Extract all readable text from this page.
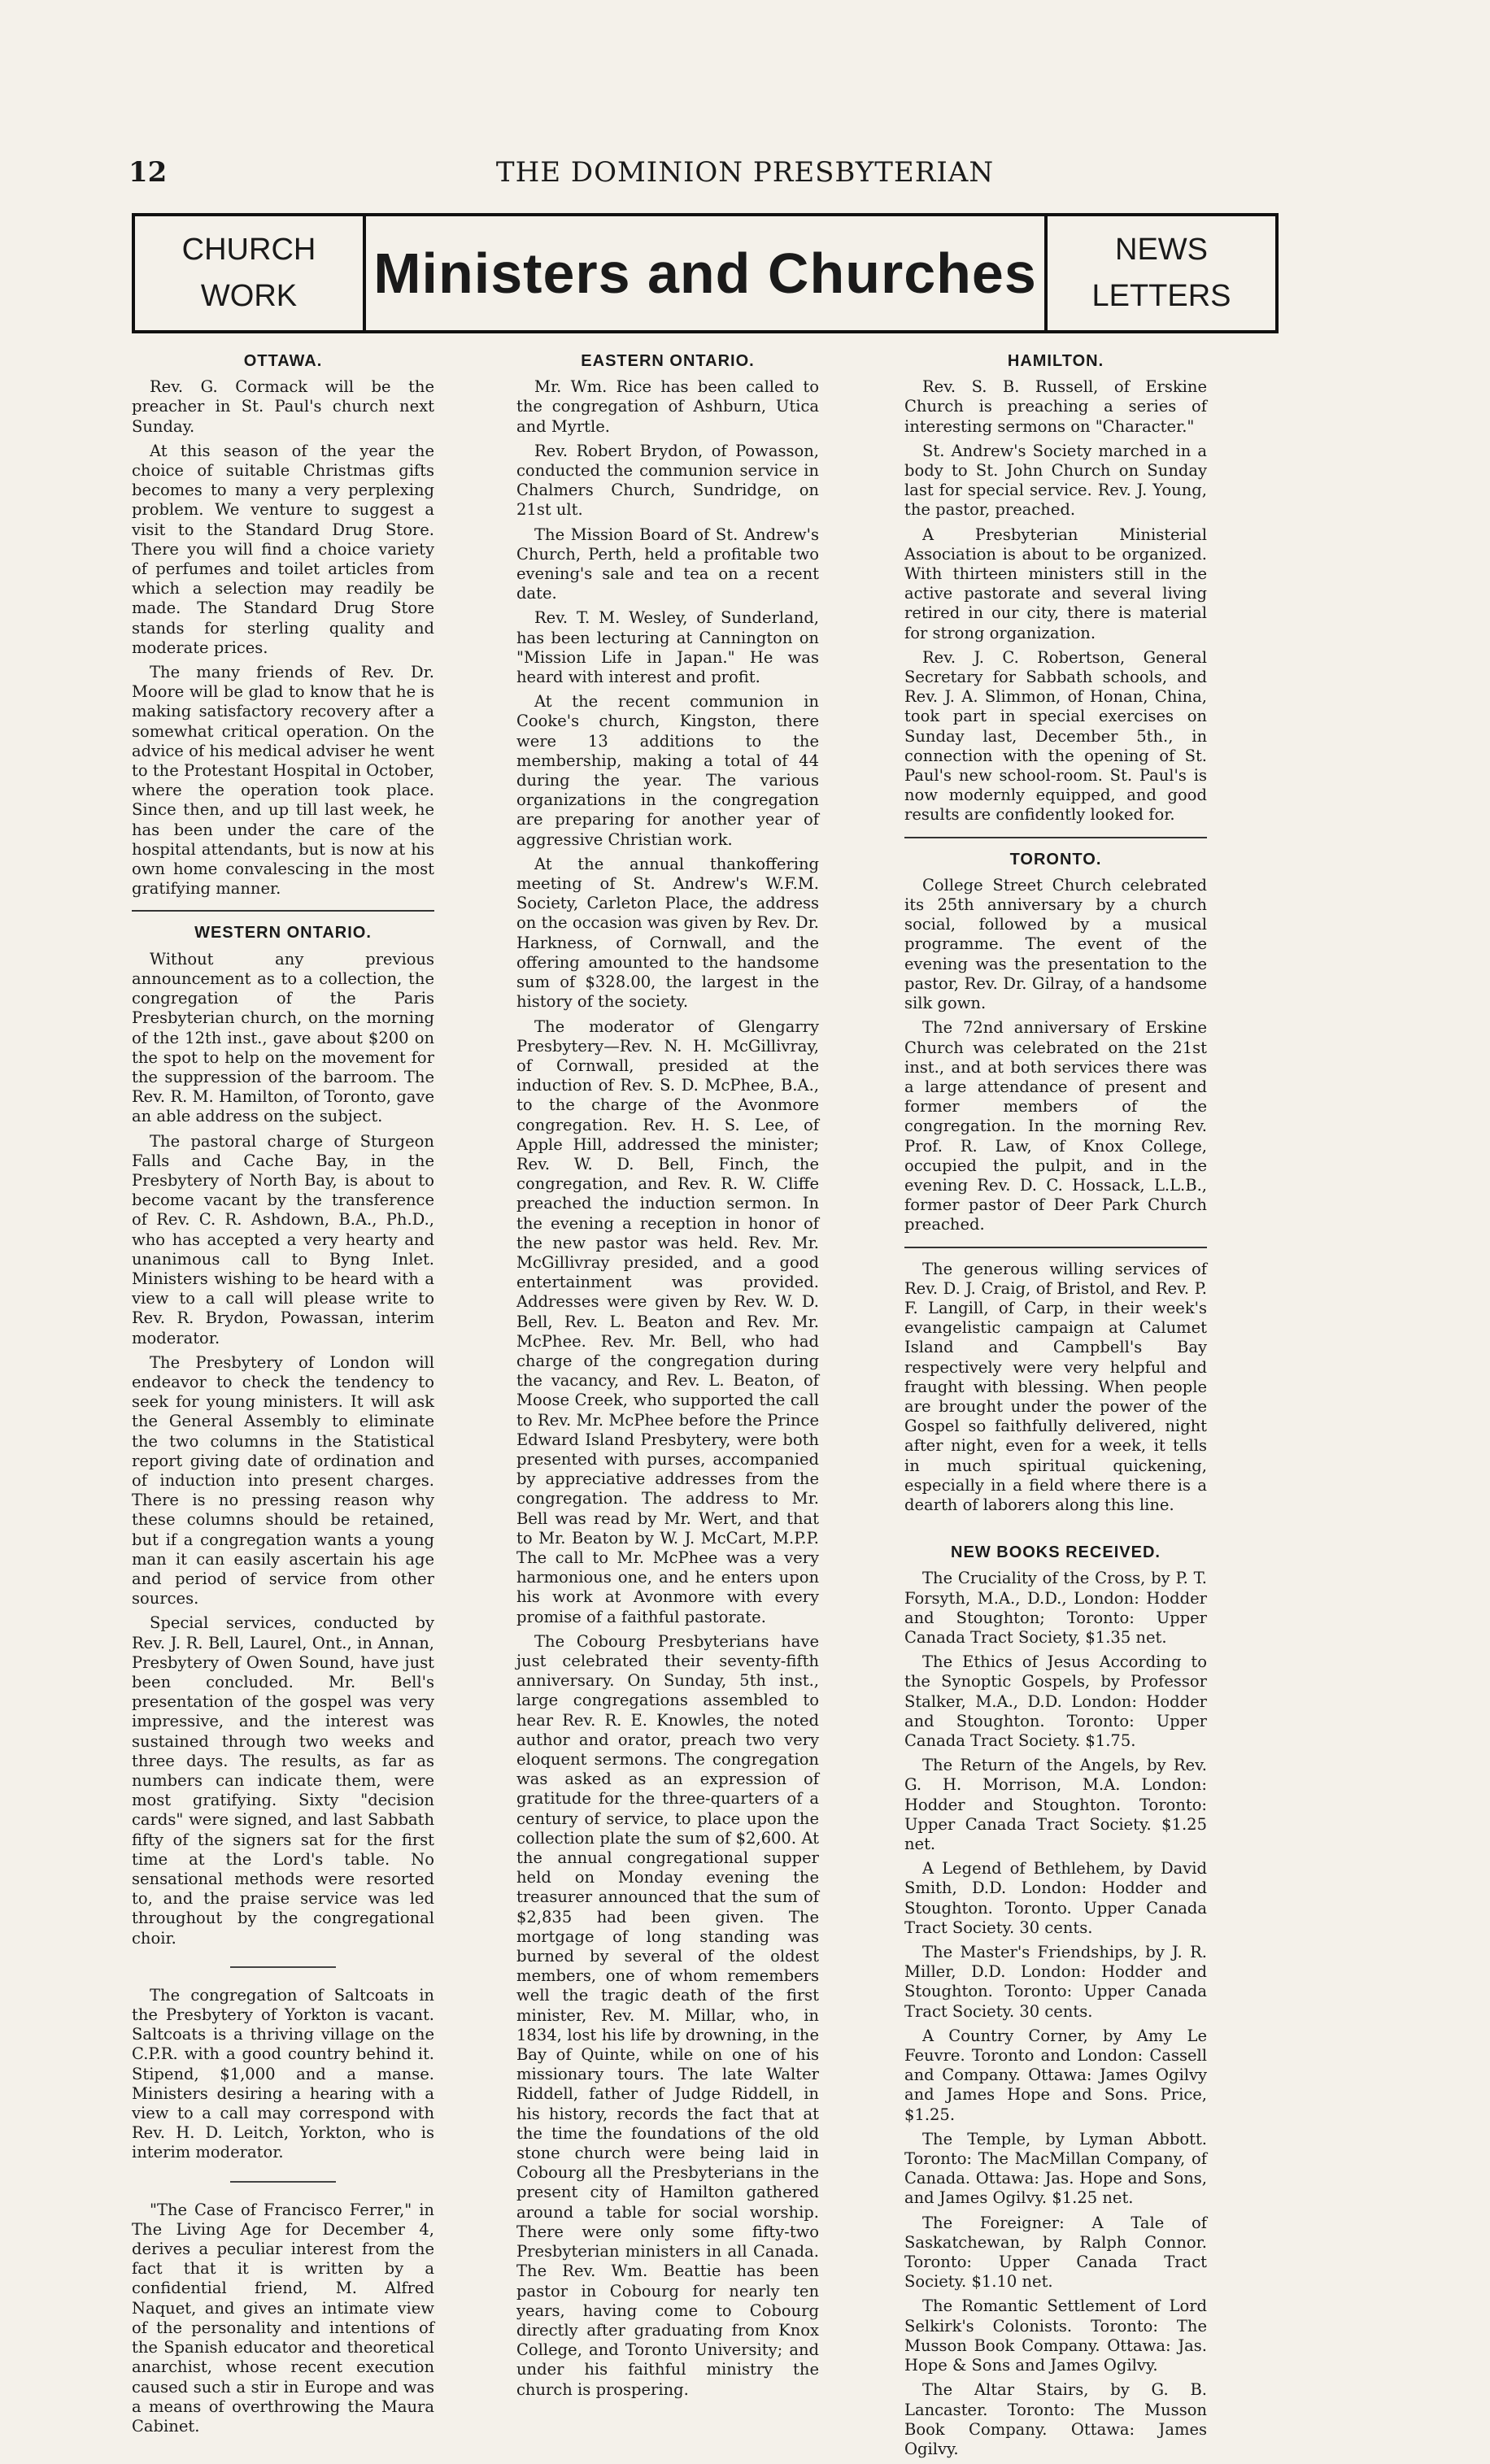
12	THE DOMINION PRESBYTERIAN
CHURCH
WORK Ministers and Churches	NEWS
LETTERS
OTTAWA.

Rev. G. Cormack will be the preacher in St. Paul's church next Sunday.

At this season of the year the choice of suitable Christmas gifts becomes to many a very perplexing problem. We venture to suggest a visit to the Standard Drug Store. There you will find a choice variety of perfumes and toilet articles from which a selection may readily be made. The Standard Drug Store stands for sterling quality and moderate prices.

The many friends of Rev. Dr. Moore will be glad to know that he is making satisfactory recovery after a somewhat critical operation. On the advice of his medical adviser he went to the Protestant Hospital in October, where the operation took place. Since then, and up till last week, he has been under the care of the hospital attendants, but is now at his own home convalescing in the most gratifying manner.

WESTERN ONTARIO.

Without any previous announcement as to a collection, the congregation of the Paris Presbyterian church, on the morning of the 12th inst., gave about $200 on the spot to help on the movement for the suppression of the barroom. The Rev. R. M. Hamilton, of Toronto, gave an able address on the subject.

The pastoral charge of Sturgeon Falls and Cache Bay, in the Presbytery of North Bay, is about to become vacant by the transference of Rev. C. R. Ashdown, B.A., Ph.D., who has accepted a very hearty and unanimous call to Byng Inlet. Ministers wishing to be heard with a view to a call will please write to Rev. R. Brydon, Powassan, interim moderator.

The Presbytery of London will endeavor to check the tendency to seek for young ministers. It will ask the General Assembly to eliminate the two columns in the Statistical report giving date of ordination and of induction into present charges. There is no pressing reason why these columns should be retained, but if a congregation wants a young man it can easily ascertain his age and period of service from other sources.

Special services, conducted by Rev. J. R. Bell, Laurel, Ont., in Annan, Presbytery of Owen Sound, have just been concluded. Mr. Bell's presentation of the gospel was very impressive, and the interest was sustained through two weeks and three days. The results, as far as numbers can indicate them, were most gratifying. Sixty "decision cards" were signed, and last Sabbath fifty of the signers sat for the first time at the Lord's table. No sensational methods were resorted to, and the praise service was led throughout by the congregational choir.

The congregation of Saltcoats in the Presbytery of Yorkton is vacant. Saltcoats is a thriving village on the C.P.R. with a good country behind it. Stipend, $1,000 and a manse. Ministers desiring a hearing with a view to a call may correspond with Rev. H. D. Leitch, Yorkton, who is interim moderator.

"The Case of Francisco Ferrer," in The Living Age for December 4, derives a peculiar interest from the fact that it is written by a confidential friend, M. Alfred Naquet, and gives an intimate view of the personality and intentions of the Spanish educator and theoretical anarchist, whose recent execution caused such a stir in Europe and was a means of overthrowing the Maura Cabinet.

EASTERN ONTARIO.

Mr. Wm. Rice has been called to the congregation of Ashburn, Utica and Myrtle.

Rev. Robert Brydon, of Powasson, conducted the communion service in Chalmers Church, Sundridge, on 21st ult.

The Mission Board of St. Andrew's Church, Perth, held a profitable two evening's sale and tea on a recent date.

Rev. T. M. Wesley, of Sunderland, has been lecturing at Cannington on "Mission Life in Japan." He was heard with interest and profit.

At the recent communion in Cooke's church, Kingston, there were 13 additions to the membership, making a total of 44 during the year. The various organizations in the congregation are preparing for another year of aggressive Christian work.

At the annual thankoffering meeting of St. Andrew's W.F.M. Society, Carleton Place, the address on the occasion was given by Rev. Dr. Harkness, of Cornwall, and the offering amounted to the handsome sum of $328.00, the largest in the history of the society.

The moderator of Glengarry Presbytery—Rev. N. H. McGillivray, of Cornwall, presided at the induction of Rev. S. D. McPhee, B.A., to the charge of the Avonmore congregation. Rev. H. S. Lee, of Apple Hill, addressed the minister; Rev. W. D. Bell, Finch, the congregation, and Rev. R. W. Cliffe preached the induction sermon. In the evening a reception in honor of the new pastor was held. Rev. Mr. McGillivray presided, and a good entertainment was provided. Addresses were given by Rev. W. D. Bell, Rev. L. Beaton and Rev. Mr. McPhee. Rev. Mr. Bell, who had charge of the congregation during the vacancy, and Rev. L. Beaton, of Moose Creek, who supported the call to Rev. Mr. McPhee before the Prince Edward Island Presbytery, were both presented with purses, accompanied by appreciative addresses from the congregation. The address to Mr. Bell was read by Mr. Wert, and that to Mr. Beaton by W. J. McCart, M.P.P. The call to Mr. McPhee was a very harmonious one, and he enters upon his work at Avonmore with every promise of a faithful pastorate.

The Cobourg Presbyterians have just celebrated their seventy-fifth anniversary. On Sunday, 5th inst., large congregations assembled to hear Rev. R. E. Knowles, the noted author and orator, preach two very eloquent sermons. The congregation was asked as an expression of gratitude for the three-quarters of a century of service, to place upon the collection plate the sum of $2,600. At the annual congregational supper held on Monday evening the treasurer announced that the sum of $2,835 had been given. The mortgage of long standing was burned by several of the oldest members, one of whom remembers well the tragic death of the first minister, Rev. M. Millar, who, in 1834, lost his life by drowning, in the Bay of Quinte, while on one of his missionary tours. The late Walter Riddell, father of Judge Riddell, in his history, records the fact that at the time the foundations of the old stone church were being laid in Cobourg all the Presbyterians in the present city of Hamilton gathered around a table for social worship. There were only some fifty-two Presbyterian ministers in all Canada. The Rev. Wm. Beattie has been pastor in Cobourg for nearly ten years, having come to Cobourg directly after graduating from Knox College, and Toronto University; and under his faithful ministry the church is prospering.

HAMILTON.

Rev. S. B. Russell, of Erskine Church is preaching a series of interesting sermons on "Character."

St. Andrew's Society marched in a body to St. John Church on Sunday last for special service. Rev. J. Young, the pastor, preached.

A Presbyterian Ministerial Association is about to be organized. With thirteen ministers still in the active pastorate and several living retired in our city, there is material for strong organization.

Rev. J. C. Robertson, General Secretary for Sabbath schools, and Rev. J. A. Slimmon, of Honan, China, took part in special exercises on Sunday last, December 5th., in connection with the opening of St. Paul's new school-room. St. Paul's is now modernly equipped, and good results are confidently looked for.

TORONTO.

College Street Church celebrated its 25th anniversary by a church social, followed by a musical programme. The event of the evening was the presentation to the pastor, Rev. Dr. Gilray, of a handsome silk gown.

The 72nd anniversary of Erskine Church was celebrated on the 21st inst., and at both services there was a large attendance of present and former members of the congregation. In the morning Rev. Prof. R. Law, of Knox College, occupied the pulpit, and in the evening Rev. D. C. Hossack, L.L.B., former pastor of Deer Park Church preached.

The generous willing services of Rev. D. J. Craig, of Bristol, and Rev. P. F. Langill, of Carp, in their week's evangelistic campaign at Calumet Island and Campbell's Bay respectively were very helpful and fraught with blessing. When people are brought under the power of the Gospel so faithfully delivered, night after night, even for a week, it tells in much spiritual quickening, especially in a field where there is a dearth of laborers along this line.

NEW BOOKS RECEIVED.

The Cruciality of the Cross, by P. T. Forsyth, M.A., D.D., London: Hodder and Stoughton; Toronto: Upper Canada Tract Society, $1.35 net.

The Ethics of Jesus According to the Synoptic Gospels, by Professor Stalker, M.A., D.D. London: Hodder and Stoughton. Toronto: Upper Canada Tract Society. $1.75.

The Return of the Angels, by Rev. G. H. Morrison, M.A. London: Hodder and Stoughton. Toronto: Upper Canada Tract Society. $1.25 net.

A Legend of Bethlehem, by David Smith, D.D. London: Hodder and Stoughton. Toronto. Upper Canada Tract Society. 30 cents.

The Master's Friendships, by J. R. Miller, D.D. London: Hodder and Stoughton. Toronto: Upper Canada Tract Society. 30 cents.

A Country Corner, by Amy Le Feuvre. Toronto and London: Cassell and Company. Ottawa: James Ogilvy and James Hope and Sons. Price, $1.25.

The Temple, by Lyman Abbott. Toronto: The MacMillan Company, of Canada. Ottawa: Jas. Hope and Sons, and James Ogilvy. $1.25 net.

The Foreigner: A Tale of Saskatchewan, by Ralph Connor. Toronto: Upper Canada Tract Society. $1.10 net.

The Romantic Settlement of Lord Selkirk's Colonists. Toronto: The Musson Book Company. Ottawa: Jas. Hope & Sons and James Ogilvy.

The Altar Stairs, by G. B. Lancaster. Toronto: The Musson Book Company. Ottawa: James Ogilvy.
